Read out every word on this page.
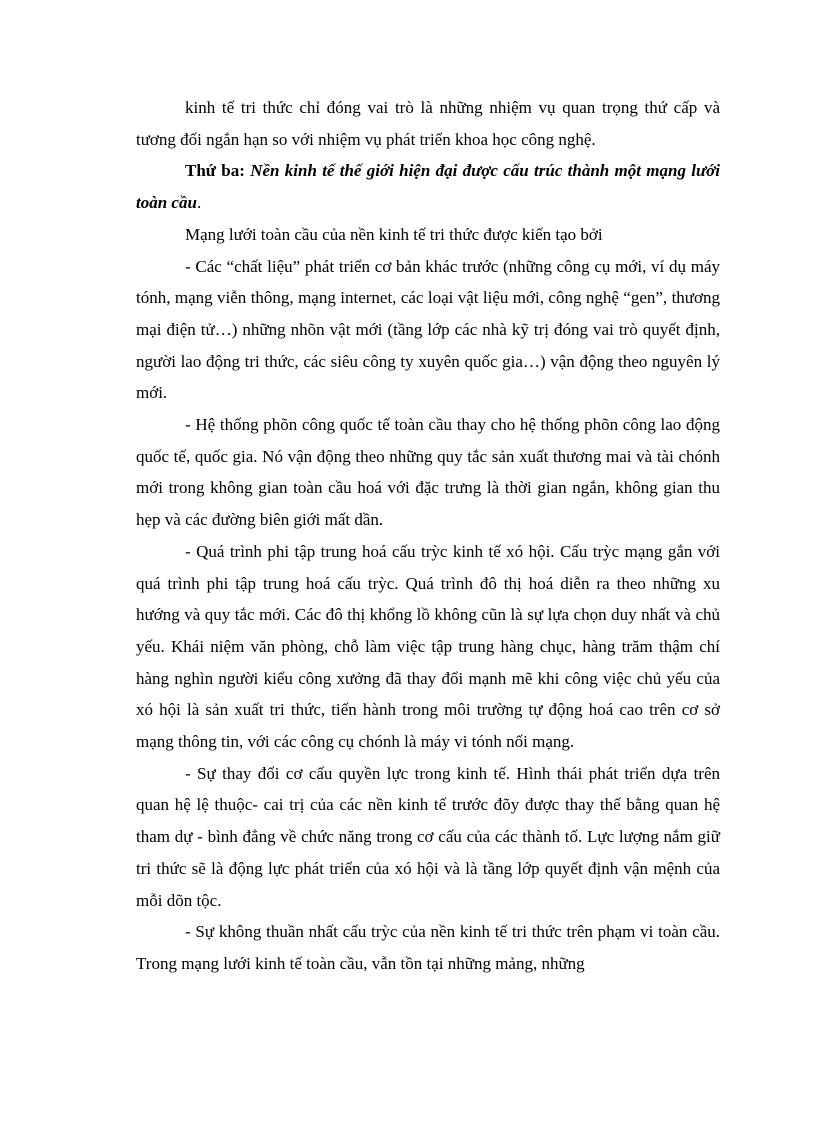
kinh tế tri thức chỉ đóng vai trò là những nhiệm vụ quan trọng thứ cấp và tương đối ngắn hạn so với nhiệm vụ phát triển khoa học công nghệ.

Thứ ba: Nền kinh tế thế giới hiện đại được cấu trúc thành một mạng lưới toàn cầu.

Mạng lưới toàn cầu của nền kinh tế tri thức được kiến tạo bởi

- Các “chất liệu” phát triển cơ bản khác trước (những công cụ mới, ví dụ máy tónh, mạng viễn thông, mạng internet, các loại vật liệu mới, công nghệ “gen”, thương mại điện tử…) những nhõn vật mới (tầng lớp các nhà kỹ trị đóng vai trò quyết định, người lao động tri thức, các siêu công ty xuyên quốc gia…) vận động theo nguyên lý mới.

- Hệ thống phõn công quốc tế toàn cầu thay cho hệ thống phõn công lao động quốc tế, quốc gia. Nó vận động theo những quy tắc sản xuất thương mai và tài chónh mới trong không gian toàn cầu hoá với đặc trưng là thời gian ngắn, không gian thu hẹp và các đường biên giới mất dần.

- Quá trình phi tập trung hoá cấu trỳc kinh tế xó hội. Cấu trỳc mạng gắn với quá trình phi tập trung hoá cấu trỳc. Quá trình đô thị hoá diễn ra theo những xu hướng và quy tắc mới. Các đô thị khổng lồ không cũn là sự lựa chọn duy nhất và chủ yếu. Khái niệm văn phòng, chỗ làm việc tập trung hàng chục, hàng trăm thậm chí hàng nghìn người kiểu công xưởng đã thay đổi mạnh mẽ khi công việc chủ yếu của xó hội là sản xuất tri thức, tiến hành trong môi trường tự động hoá cao trên cơ sở mạng thông tin, với các công cụ chónh là máy vi tónh nối mạng.

- Sự thay đổi cơ cấu quyền lực trong kinh tế. Hình thái phát triển dựa trên quan hệ lệ thuộc- cai trị của các nền kinh tế trước đõy được thay thế bằng quan hệ tham dự - bình đẳng về chức năng trong cơ cấu của các thành tố. Lực lượng nắm giữ tri thức sẽ là động lực phát triển của xó hội và là tầng lớp quyết định vận mệnh của mỗi dõn tộc.

- Sự không thuần nhất cấu trỳc của nền kinh tế tri thức trên phạm vi toàn cầu. Trong mạng lưới kinh tế toàn cầu, vẫn tồn tại những mảng, những
